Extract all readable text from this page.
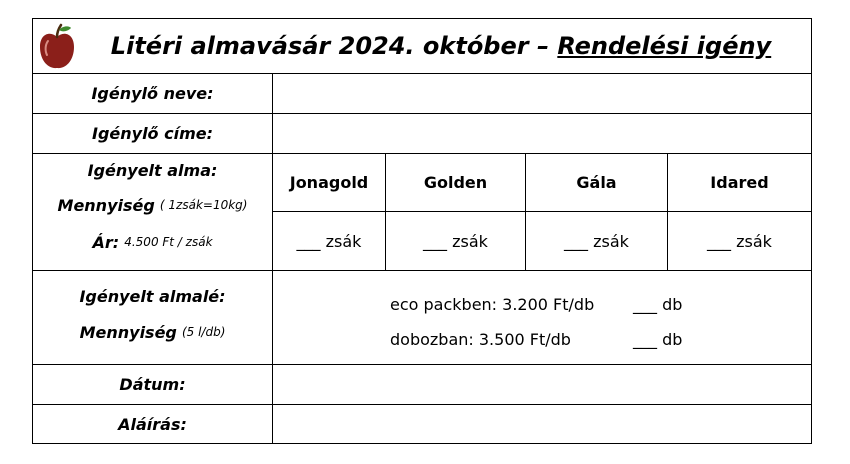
Litéri almavásár 2024. október – Rendelési igény
Igénylő neve:
Igénylő címe:
Igényelt alma:
Mennyiség
( 1zsák=10kg)
Ár:
4.500 Ft / zsák
Jonagold	Golden	Gála	Idared
___ zsák	___ zsák	___ zsák	___ zsák
Igényelt almalé:
Mennyiség
(5 l/db)
eco packben: 3.200 Ft/db ___ db
dobozban: 3.500 Ft/db	___ db
Dátum:
Aláírás:
